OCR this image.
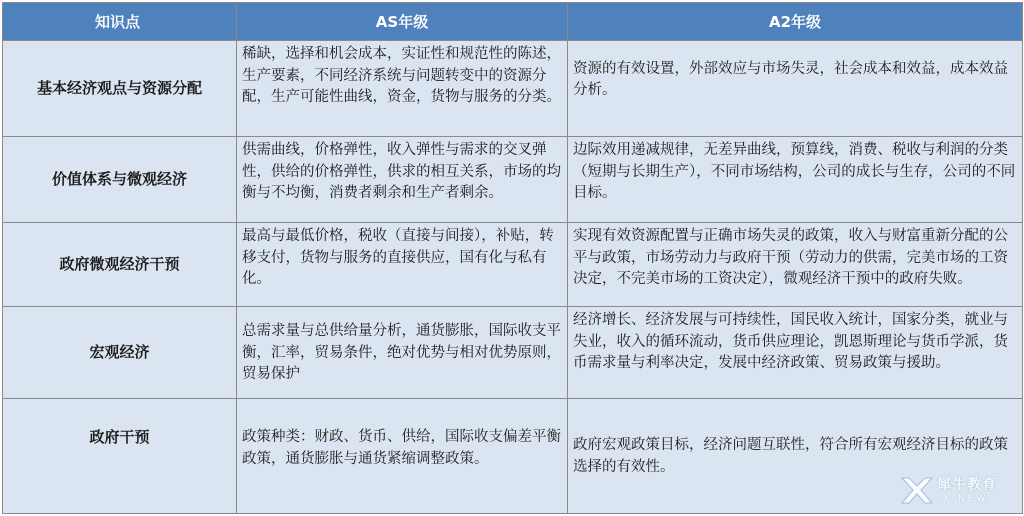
知识点	AS年级	A2年级
基本经济观点与资源分配	稀缺，选择和机会成本，实证性和规范性的陈述，生产要素，不同经济系统与问题转变中的资源分配，生产可能性曲线，资金，货物与服务的分类。	资源的有效设置，外部效应与市场失灵，社会成本和效益，成本效益分析。
价值体系与微观经济	供需曲线，价格弹性，收入弹性与需求的交叉弹性，供给的价格弹性，供求的相互关系，市场的均衡与不均衡，消费者剩余和生产者剩余。	边际效用递减规律，无差异曲线，预算线，消费、税收与利润的分类（短期与长期生产），不同市场结构，公司的成长与生存，公司的不同目标。
政府微观经济干预	最高与最低价格，税收（直接与间接），补贴，转移支付，货物与服务的直接供应，国有化与私有化。	实现有效资源配置与正确市场失灵的政策，收入与财富重新分配的公平与政策，市场劳动力与政府干预（劳动力的供需，完美市场的工资决定，不完美市场的工资决定），微观经济干预中的政府失败。
宏观经济	总需求量与总供给量分析，通货膨胀，国际收支平衡，汇率，贸易条件，绝对优势与相对优势原则，贸易保护	经济增长、经济发展与可持续性，国民收入统计，国家分类，就业与失业，收入的循环流动，货币供应理论，凯恩斯理论与货币学派，货币需求量与利率决定，发展中经济政策、贸易政策与援助。
政府干预	政策种类：财政、货币、供给，国际收支偏差平衡政策，通货膨胀与通货紧缩调整政策。	政府宏观政策目标，经济问题互联性，符合所有宏观经济目标的政策选择的有效性。
犀牛教育
X-NEW
